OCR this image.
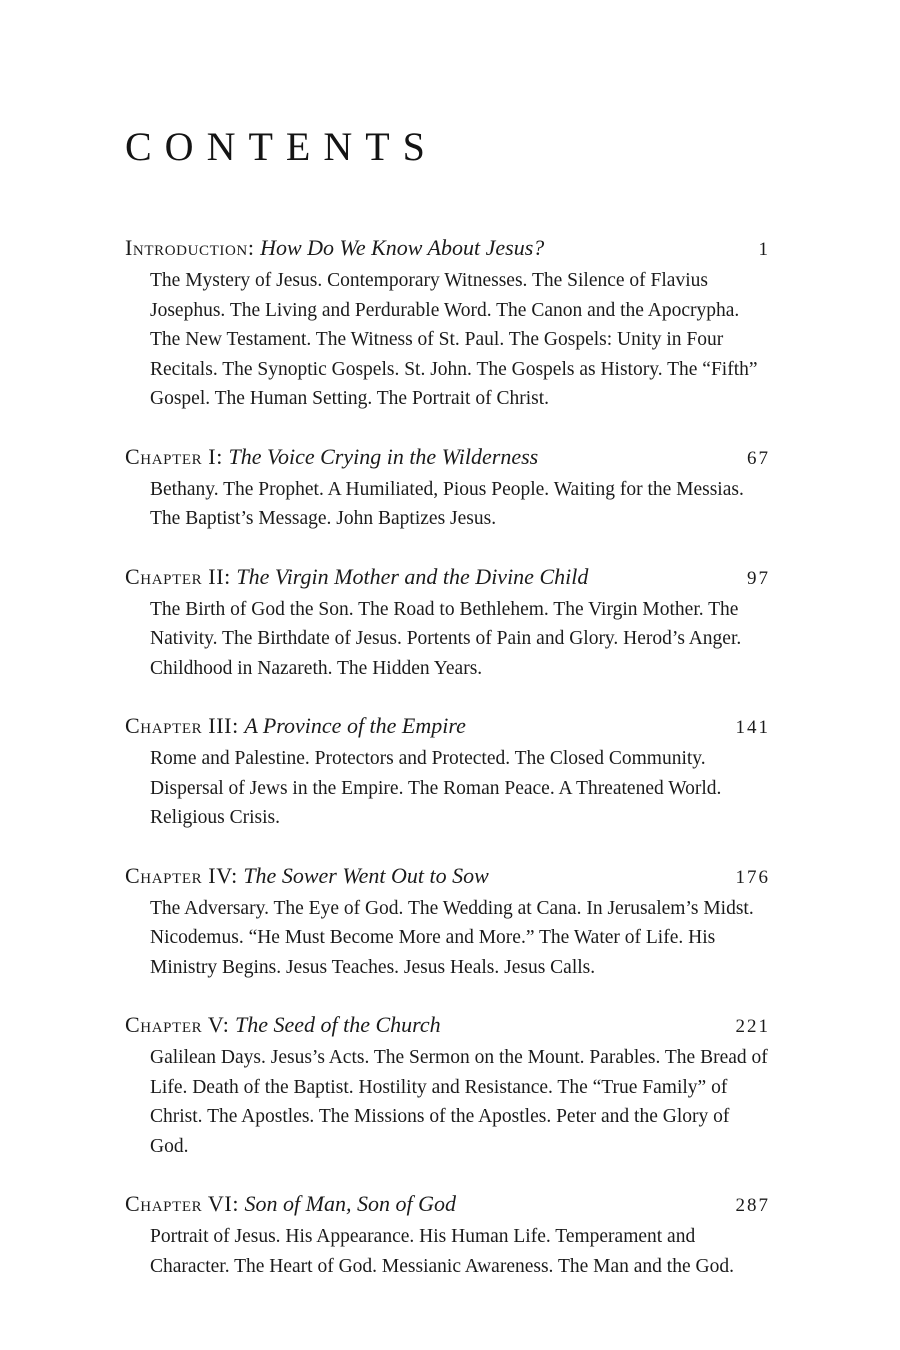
CONTENTS
Introduction: How Do We Know About Jesus?	1

The Mystery of Jesus. Contemporary Witnesses. The Silence of Flavius Josephus. The Living and Perdurable Word. The Canon and the Apocrypha. The New Testament. The Witness of St. Paul. The Gospels: Unity in Four Recitals. The Synoptic Gospels. St. John. The Gospels as History. The “Fifth” Gospel. The Human Setting. The Portrait of Christ.

Chapter I: The Voice Crying in the Wilderness	67

Bethany. The Prophet. A Humiliated, Pious People. Waiting for the Messias. The Baptist’s Message. John Baptizes Jesus.

Chapter II: The Virgin Mother and the Divine Child	97

The Birth of God the Son. The Road to Bethlehem. The Virgin Mother. The Nativity. The Birthdate of Jesus. Portents of Pain and Glory. Herod’s Anger. Childhood in Nazareth. The Hidden Years.

Chapter III: A Province of the Empire	141

Rome and Palestine. Protectors and Protected. The Closed Community. Dispersal of Jews in the Empire. The Roman Peace. A Threatened World. Religious Crisis.

Chapter IV: The Sower Went Out to Sow	176

The Adversary. The Eye of God. The Wedding at Cana. In Jerusalem’s Midst. Nicodemus. “He Must Become More and More.” The Water of Life. His Ministry Begins. Jesus Teaches. Jesus Heals. Jesus Calls.

Chapter V: The Seed of the Church	221

Galilean Days. Jesus’s Acts. The Sermon on the Mount. Parables. The Bread of Life. Death of the Baptist. Hostility and Resistance. The “True Family” of Christ. The Apostles. The Missions of the Apostles. Peter and the Glory of God.

Chapter VI: Son of Man, Son of God	287

Portrait of Jesus. His Appearance. His Human Life. Temperament and Character. The Heart of God. Messianic Awareness. The Man and the God.
